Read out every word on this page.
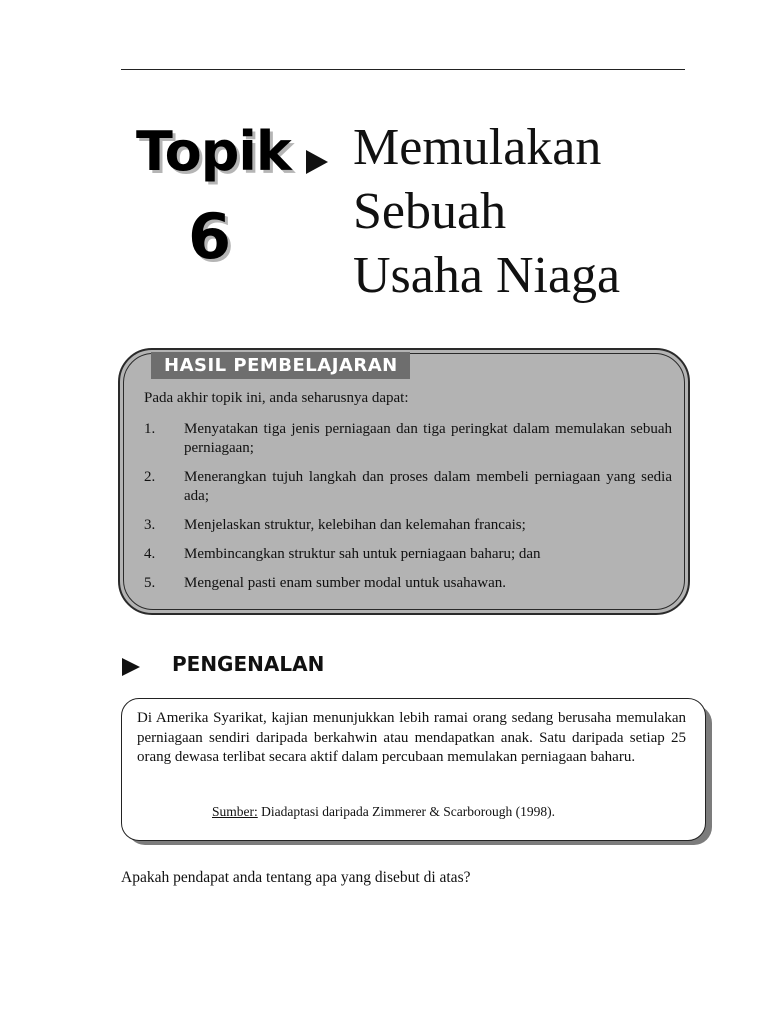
Topik
6
Memulakan
Sebuah
Usaha Niaga
HASIL PEMBELAJARAN
Pada akhir topik ini, anda seharusnya dapat:
1.	Menyatakan tiga jenis perniagaan dan tiga peringkat dalam memulakan sebuah perniagaan;
2.	Menerangkan tujuh langkah dan proses dalam membeli perniagaan yang sedia ada;
3.	Menjelaskan struktur, kelebihan dan kelemahan francais;
4.	Membincangkan struktur sah untuk perniagaan baharu; dan
5.	Mengenal pasti enam sumber modal untuk usahawan.
PENGENALAN
Di Amerika Syarikat, kajian menunjukkan lebih ramai orang sedang berusaha memulakan perniagaan sendiri daripada berkahwin atau mendapatkan anak. Satu daripada setiap 25 orang dewasa terlibat secara aktif dalam percubaan memulakan perniagaan baharu.
Sumber: Diadaptasi daripada Zimmerer & Scarborough (1998).
Apakah pendapat anda tentang apa yang disebut di atas?
